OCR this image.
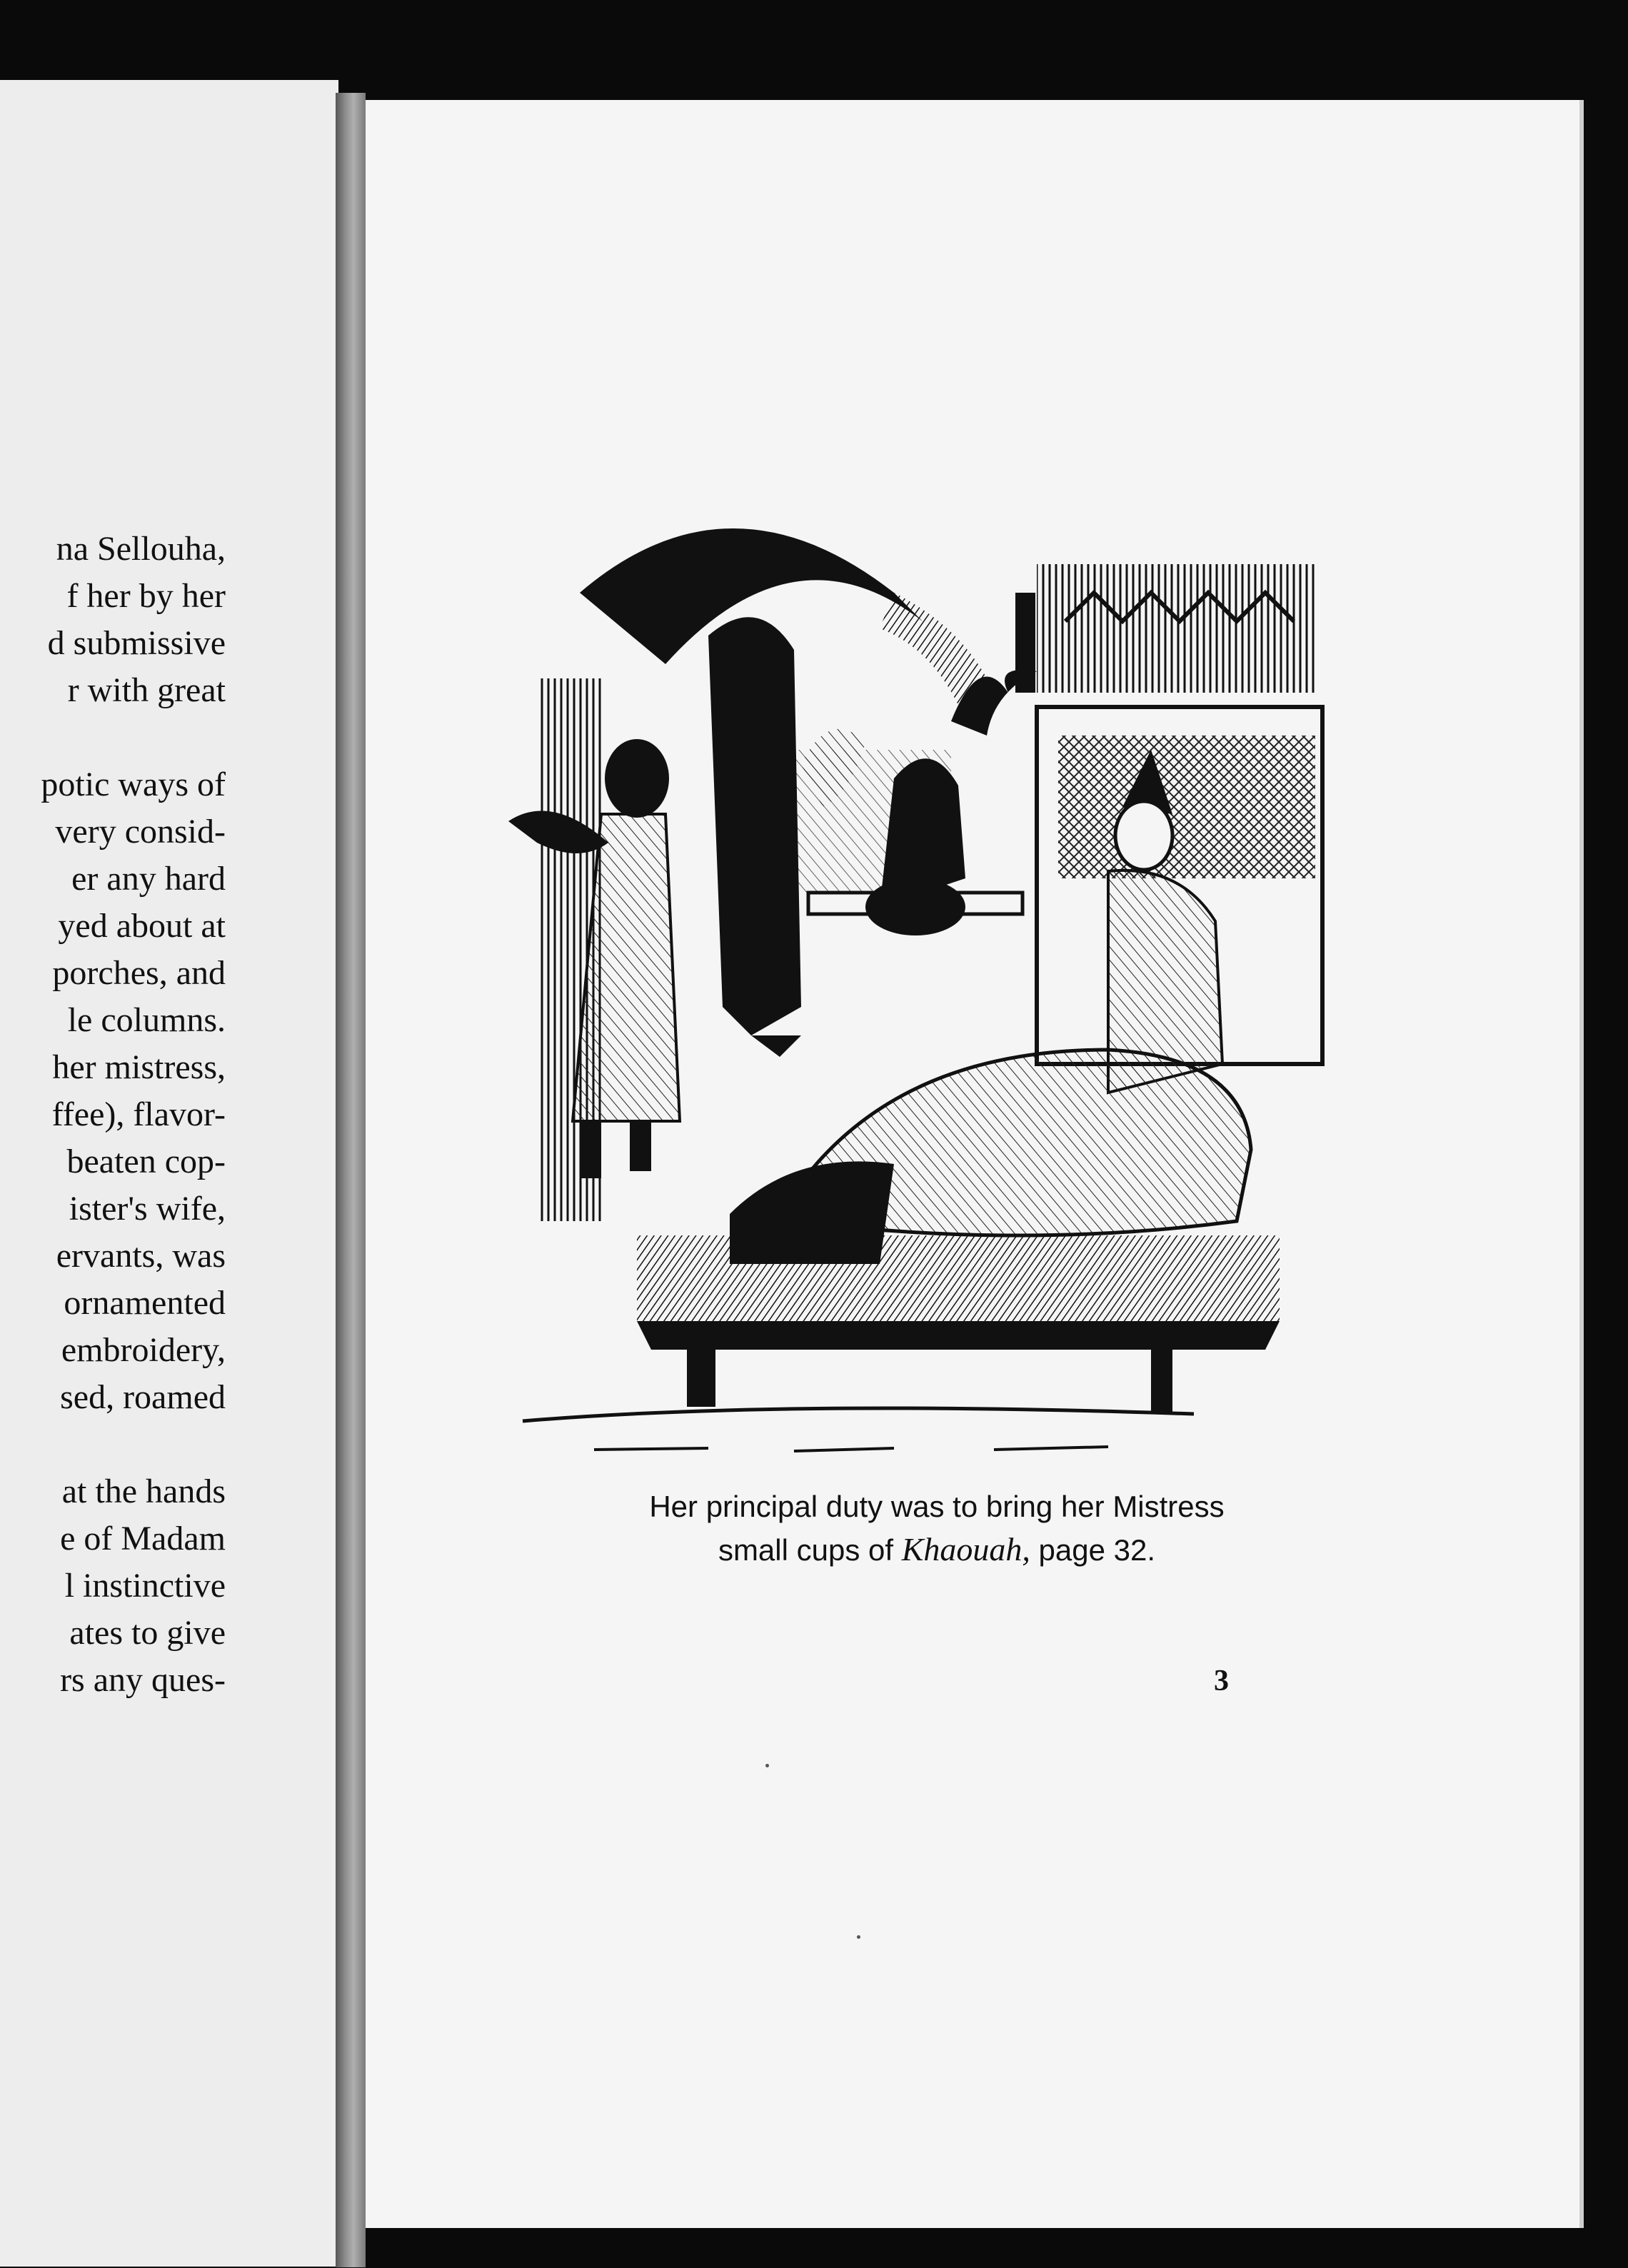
na Sellouha,
f her by her
d submissive
r with great
potic ways of
very consid-
er any hard
yed about at
porches, and
le columns.
her mistress,
ffee), flavor-
beaten cop-
ister's wife,
ervants, was
ornamented
embroidery,
sed, roamed
at the hands
e of Madam
l instinctive
ates to give
rs any ques-
Her principal duty was to bring her Mistress
small cups of Khaouah, page 32.
3
